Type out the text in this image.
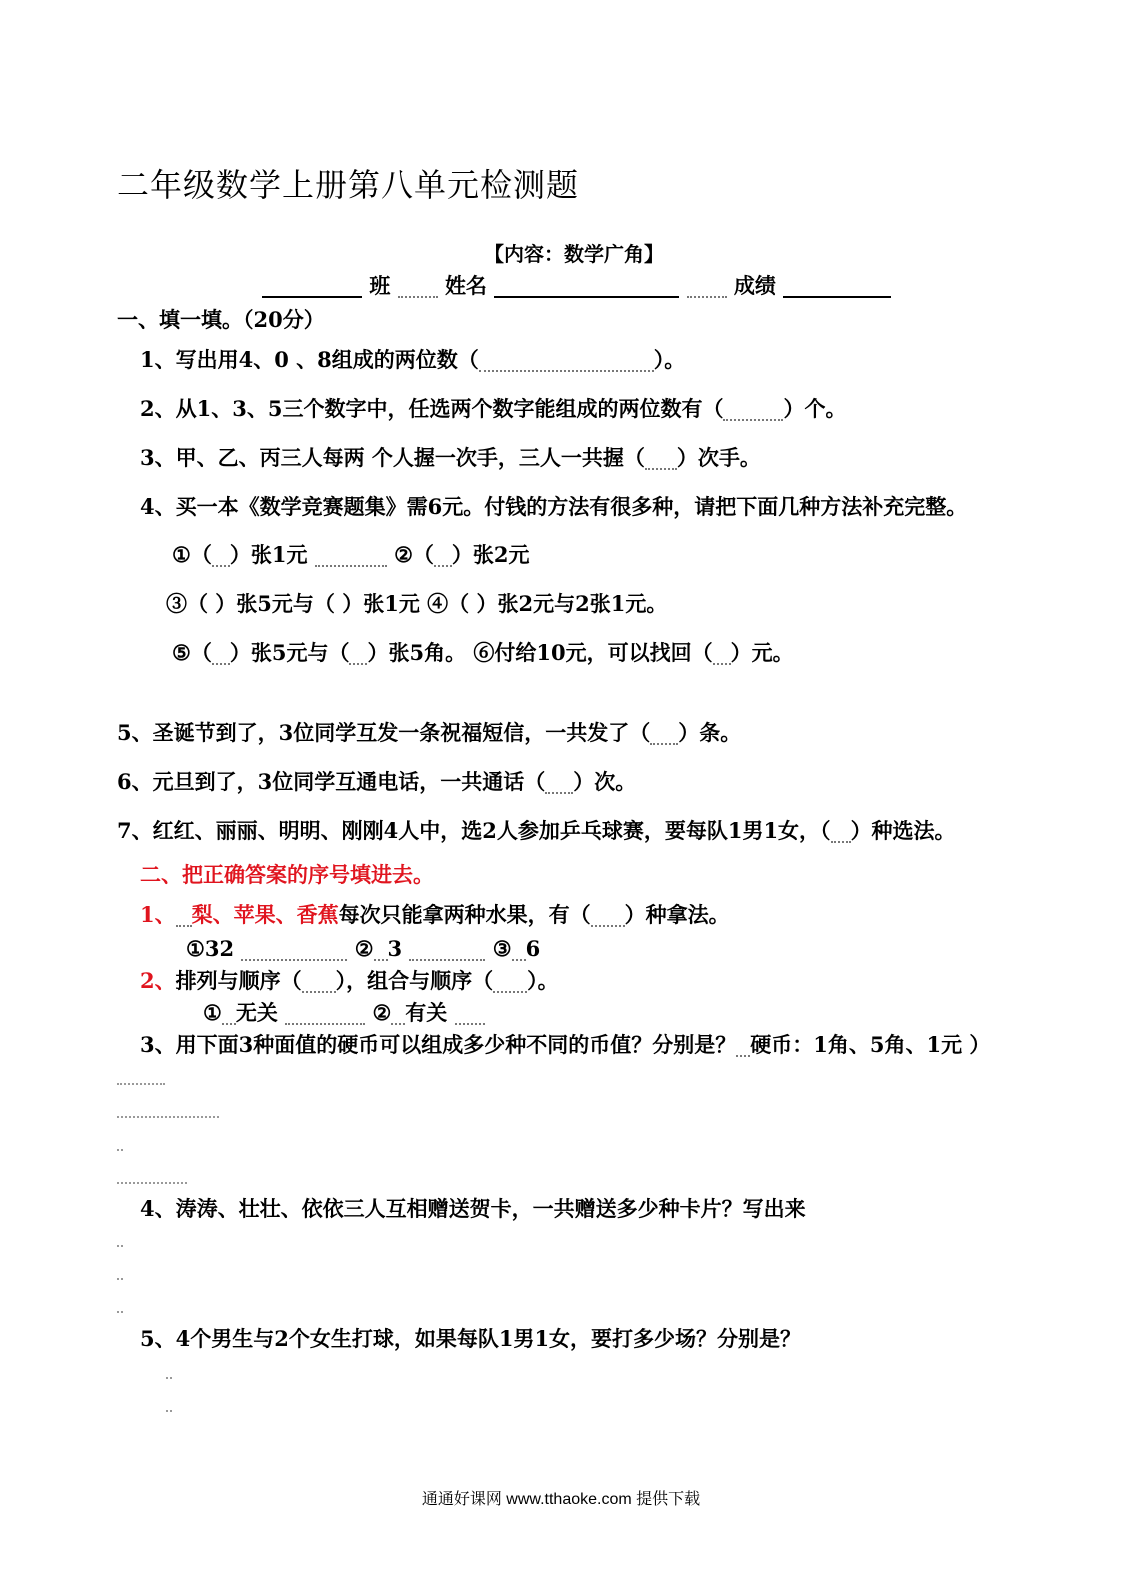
二年级数学上册第八单元检测题
【内容：数学广角】
班	姓名	成绩
一、填一填。（20分）
1、写出用4、0 、8组成的两位数（	）。
2、从1、3、5三个数字中，任选两个数字能组成的两位数有（	）个。
3、甲、乙、丙三人每两 个人握一次手，三人一共握（ ）次手。
4、买一本《数学竞赛题集》需6元。付钱的方法有很多种，请把下面几种方法补充完整。
①（ ）张1元	②（ ）张2元
③（ ）张5元与（ ）张1元 ④（ ）张2元与2张1元。
⑤（ ）张5元与（ ）张5角。 ⑥付给10元，可以找回（ ）元。
5、圣诞节到了，3位同学互发一条祝福短信，一共发了（ ）条。
6、元旦到了，3位同学互通电话，一共通话（ ）次。
7、红红、丽丽、明明、刚刚4人中，选2人参加乒乓球赛，要每队1男1女，（ ）种选法。
二、把正确答案的序号填进去。
1、 梨、苹果、香蕉每次只能拿两种水果，有（ ）种拿法。
①32	② 3	③ 6
2、排列与顺序（ ），组合与顺序（ ）。
① 无关	② 有关
3、用下面3种面值的硬币可以组成多少种不同的币值？分别是？ 硬币：1角、5角、1元 ）
4、涛涛、壮壮、依依三人互相赠送贺卡，一共赠送多少种卡片？写出来
5、4个男生与2个女生打球，如果每队1男1女，要打多少场？分别是？
通通好课网 www.tthaoke.com 提供下载
